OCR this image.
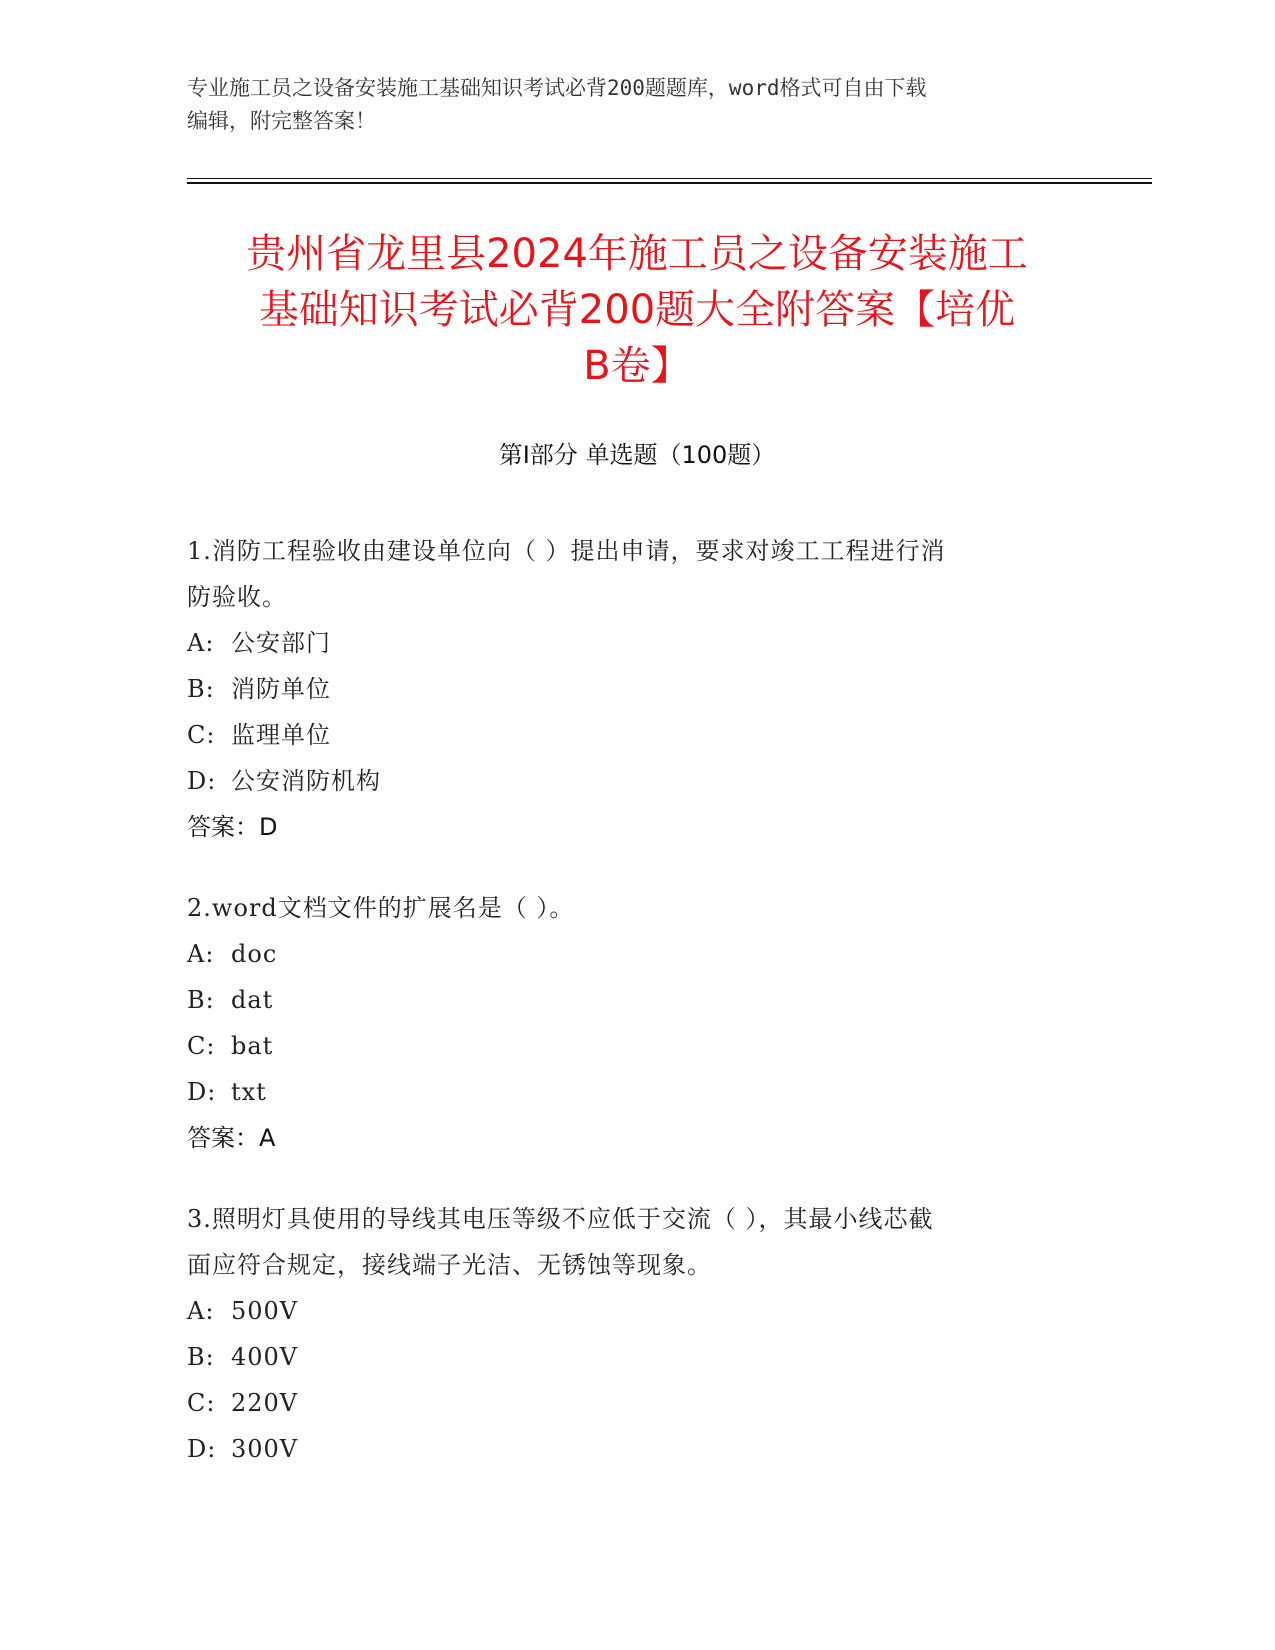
专业施工员之设备安装施工基础知识考试必背200题题库，word格式可自由下载
编辑，附完整答案！
贵州省龙里县2024年施工员之设备安装施工
基础知识考试必背200题大全附答案【培优
B卷】
第Ⅰ部分 单选题（100题）
1.消防工程验收由建设单位向（ ）提出申请，要求对竣工工程进行消
防验收。
A: 公安部门
B: 消防单位
C: 监理单位
D: 公安消防机构
答案：D
2.word文档文件的扩展名是（ ）。
A: doc
B: dat
C: bat
D: txt
答案：A
3.照明灯具使用的导线其电压等级不应低于交流（ ），其最小线芯截
面应符合规定，接线端子光洁、无锈蚀等现象。
A: 500V
B: 400V
C: 220V
D: 300V
